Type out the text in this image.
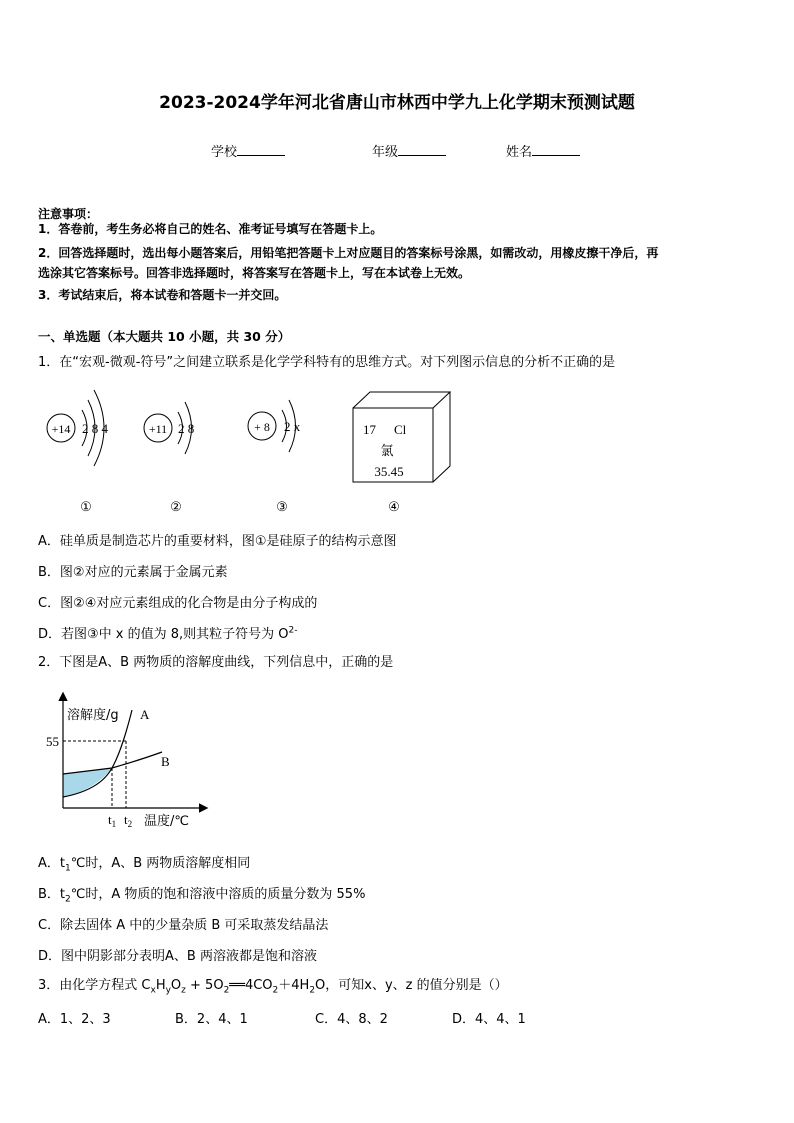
2023-2024学年河北省唐山市林西中学九上化学期末预测试题
学校	年级	姓名
注意事项：
1．答卷前，考生务必将自己的姓名、准考证号填写在答题卡上。
2．回答选择题时，选出每小题答案后，用铅笔把答题卡上对应题目的答案标号涂黑，如需改动，用橡皮擦干净后，再
选涂其它答案标号。回答非选择题时，将答案写在答题卡上，写在本试卷上无效。
3．考试结束后，将本试卷和答题卡一并交回。
一、单选题（本大题共 10 小题，共 30 分）
1．在“宏观-微观-符号”之间建立联系是化学学科特有的思维方式。对下列图示信息的分析不正确的是
+14 2 8 4
①
+11 2 8
②
+ 8 2 x
③
17 Cl
氯
35.45
④
A．硅单质是制造芯片的重要材料，图①是硅原子的结构示意图
B．图②对应的元素属于金属元素
C．图②④对应元素组成的化合物是由分子构成的
D．若图③中 x 的值为 8,则其粒子符号为 $O^{2-}$
2．下图是A、B 两物质的溶解度曲线，下列信息中，正确的是
溶解度/g A
B
55
$t_1$ $t_2$ 温度/℃
A．$t_1℃$时，A、B 两物质溶解度相同
B．$t_2℃$时，A 物质的饱和溶液中溶质的质量分数为 55%
C．除去固体 A 中的少量杂质 B 可采取蒸发结晶法
D．图中阴影部分表明A、B 两溶液都是饱和溶液
3．由化学方程式 $C_xH_yO_z$ + $5O_2══4CO_2+4H_2O$，可知x、y、z 的值分别是（）
A．1、2、3	B．2、4、1	C．4、8、2	D．4、4、1
